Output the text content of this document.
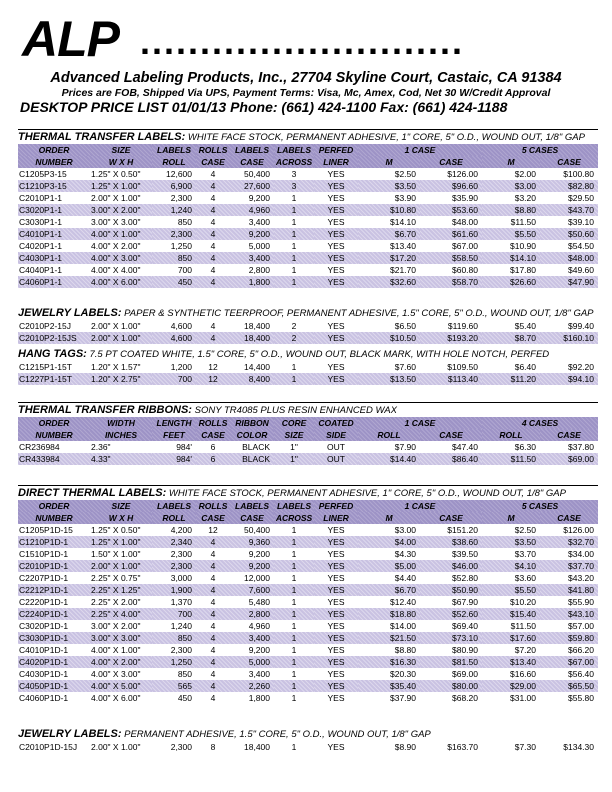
ALP ...........................
Advanced Labeling Products, Inc., 27704 Skyline Court, Castaic, CA 91384
Prices are FOB, Shipped Via UPS, Payment Terms: Visa, Mc, Amex, Cod, Net 30 W/Credit Approval
DESKTOP PRICE LIST 01/01/13 Phone: (661) 424-1100 Fax: (661) 424-1188
THERMAL TRANSFER LABELS: WHITE FACE STOCK, PERMANENT ADHESIVE, 1" CORE, 5" O.D., WOUND OUT, 1/8" GAP
ORDER	SIZE	LABELS	ROLLS	LABELS	LABELS	PERFED	1 CASE		5 CASES	
NUMBER	W X H	ROLL	CASE	CASE	ACROSS	LINER	M	CASE	M	CASE
C1205P3-15	1.25" X 0.50"	12,600	4	50,400	3	YES	$2.50	$126.00	$2.00	$100.80
C1210P3-15	1.25" X 1.00"	6,900	4	27,600	3	YES	$3.50	$96.60	$3.00	$82.80
C2010P1-1	2.00" X 1.00"	2,300	4	9,200	1	YES	$3.90	$35.90	$3.20	$29.50
C3020P1-1	3.00" X 2.00"	1,240	4	4,960	1	YES	$10.80	$53.60	$8.80	$43.70
C3030P1-1	3.00" X 3.00"	850	4	3,400	1	YES	$14.10	$48.00	$11.50	$39.10
C4010P1-1	4.00" X 1.00"	2,300	4	9,200	1	YES	$6.70	$61.60	$5.50	$50.60
C4020P1-1	4.00" X 2.00"	1,250	4	5,000	1	YES	$13.40	$67.00	$10.90	$54.50
C4030P1-1	4.00" X 3.00"	850	4	3,400	1	YES	$17.20	$58.50	$14.10	$48.00
C4040P1-1	4.00" X 4.00"	700	4	2,800	1	YES	$21.70	$60.80	$17.80	$49.60
C4060P1-1	4.00" X 6.00"	450	4	1,800	1	YES	$32.60	$58.70	$26.60	$47.90
JEWELRY LABELS: PAPER & SYNTHETIC TEERPROOF, PERMANENT ADHESIVE, 1.5" CORE, 5" O.D., WOUND OUT, 1/8" GAP
C2010P2-15J	2.00" X 1.00"	4,600	4	18,400	2	YES	$6.50	$119.60	$5.40	$99.40
C2010P2-15JS	2.00" X 1.00"	4,600	4	18,400	2	YES	$10.50	$193.20	$8.70	$160.10
HANG TAGS: 7.5 PT COATED WHITE, 1.5" CORE, 5" O.D., WOUND OUT, BLACK MARK, WITH HOLE NOTCH, PERFED
C1215P1-15T	1.20" X 1.57"	1,200	12	14,400	1	YES	$7.60	$109.50	$6.40	$92.20
C1227P1-15T	1.20" X 2.75"	700	12	8,400	1	YES	$13.50	$113.40	$11.20	$94.10
THERMAL TRANSFER RIBBONS: SONY TR4085 PLUS RESIN ENHANCED WAX
ORDER	WIDTH	LENGTH	ROLLS	RIBBON	CORE	COATED	1 CASE		4 CASES	
NUMBER	INCHES	FEET	CASE	COLOR	SIZE	SIDE	ROLL	CASE	ROLL	CASE
CR236984	2.36"	984'	6	BLACK	1"	OUT	$7.90	$47.40	$6.30	$37.80
CR433984	4.33"	984'	6	BLACK	1"	OUT	$14.40	$86.40	$11.50	$69.00
DIRECT THERMAL LABELS: WHITE FACE STOCK, PERMANENT ADHESIVE, 1" CORE, 5" O.D., WOUND OUT, 1/8" GAP
ORDER	SIZE	LABELS	ROLLS	LABELS	LABELS	PERFED	1 CASE		5 CASES	
NUMBER	W X H	ROLL	CASE	CASE	ACROSS	LINER	M	CASE	M	CASE
C1205P1D-15	1.25" X 0.50"	4,200	12	50,400	1	YES	$3.00	$151.20	$2.50	$126.00
C1210P1D-1	1.25" X 1.00"	2,340	4	9,360	1	YES	$4.00	$38.60	$3.50	$32.70
C1510P1D-1	1.50" X 1.00"	2,300	4	9,200	1	YES	$4.30	$39.50	$3.70	$34.00
C2010P1D-1	2.00" X 1.00"	2,300	4	9,200	1	YES	$5.00	$46.00	$4.10	$37.70
C2207P1D-1	2.25" X 0.75"	3,000	4	12,000	1	YES	$4.40	$52.80	$3.60	$43.20
C2212P1D-1	2.25" X 1.25"	1,900	4	7,600	1	YES	$6.70	$50.90	$5.50	$41.80
C2220P1D-1	2.25" X 2.00"	1,370	4	5,480	1	YES	$12.40	$67.90	$10.20	$55.90
C2240P1D-1	2.25" X 4.00"	700	4	2,800	1	YES	$18.80	$52.60	$15.40	$43.10
C3020P1D-1	3.00" X 2.00"	1,240	4	4,960	1	YES	$14.00	$69.40	$11.50	$57.00
C3030P1D-1	3.00" X 3.00"	850	4	3,400	1	YES	$21.50	$73.10	$17.60	$59.80
C4010P1D-1	4.00" X 1.00"	2,300	4	9,200	1	YES	$8.80	$80.90	$7.20	$66.20
C4020P1D-1	4.00" X 2.00"	1,250	4	5,000	1	YES	$16.30	$81.50	$13.40	$67.00
C4030P1D-1	4.00" X 3.00"	850	4	3,400	1	YES	$20.30	$69.00	$16.60	$56.40
C4050P1D-1	4.00" X 5.00"	565	4	2,260	1	YES	$35.40	$80.00	$29.00	$65.50
C4060P1D-1	4.00" X 6.00"	450	4	1,800	1	YES	$37.90	$68.20	$31.00	$55.80
JEWELRY LABELS: PERMANENT ADHESIVE, 1.5" CORE, 5" O.D., WOUND OUT, 1/8" GAP
C2010P1D-15J	2.00" X 1.00"	2,300	8	18,400	1	YES	$8.90	$163.70	$7.30	$134.30
